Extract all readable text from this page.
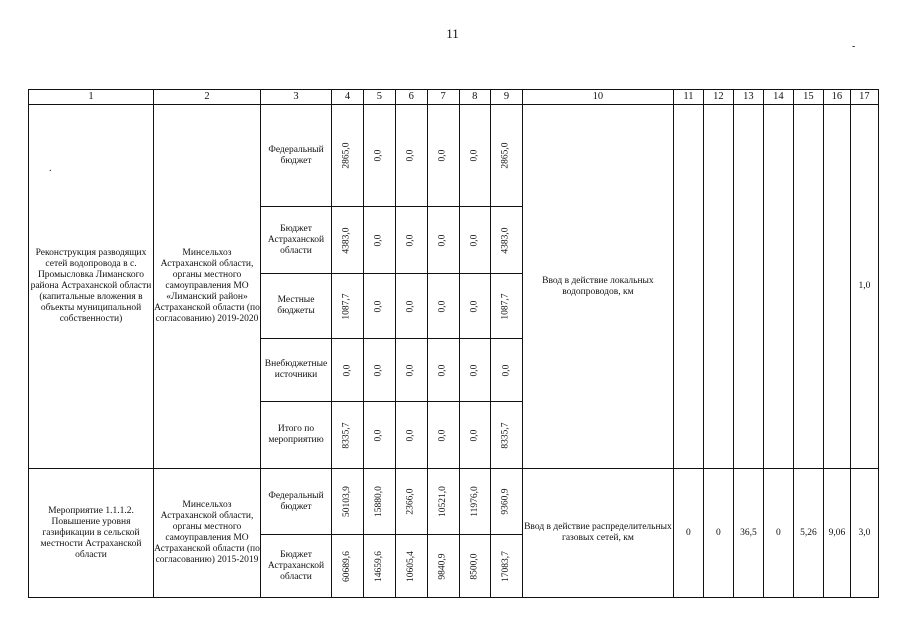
11
-
1	2	3	4	5	6	7	8	9	10	11	12	13	14	15	16	17

.
Реконструкция разводящих сетей водопровода в с. Промысловка Лиманского района Астраханской области (капитальные вложения в объекты муниципальной собственности)	Минсельхоз Астраханской области, органы местного самоуправления МО «Лиманский район» Астраханской области (по согласованию) 2019-2020	Федеральный бюджет	2865,0	0,0	0,0	0,0	0,0	2865,0	Ввод в действие локальных водопроводов, км							1,0
		Бюджет Астраханской области	4383,0	0,0	0,0	0,0	0,0	4383,0								
		Местные бюджеты	1087,7	0,0	0,0	0,0	0,0	1087,7								
		Внебюджетные источники	0,0	0,0	0,0	0,0	0,0	0,0								
		Итого по мероприятию	8335,7	0,0	0,0	0,0	0,0	8335,7								
Мероприятие 1.1.1.2. Повышение уровня газификации в сельской местности Астраханской области	Минсельхоз Астраханской области, органы местного самоуправления МО Астраханской области (по согласованию) 2015-2019	Федеральный бюджет	50103,9	15880,0	2366,0	10521,0	11976,0	9360,9	Ввод в действие распределительных газовых сетей, км	0	0	36,5	0	5,26	9,06	3,0
		Бюджет Астраханской области	60689,6	14659,6	10605,4	9840,9	8500,0	17083,7								
